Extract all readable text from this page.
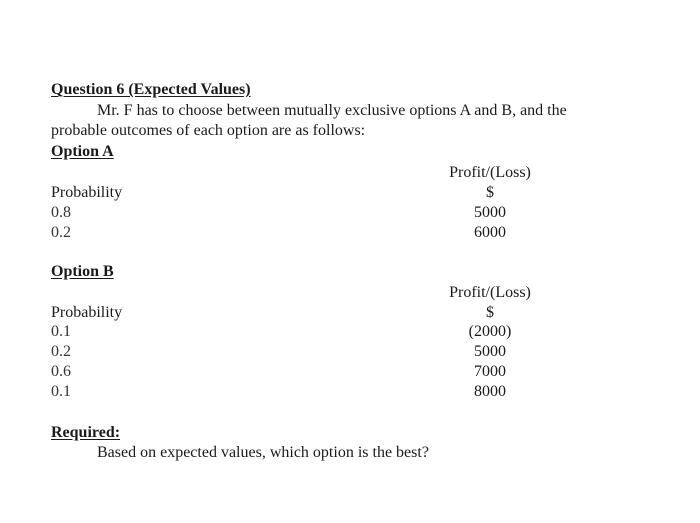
Question 6 (Expected Values)
Mr. F has to choose between mutually exclusive options A and B, and the
probable outcomes of each option are as follows:
Option A
Profit/(Loss)
Probability	$
0.8	5000
0.2	6000
Option B
Profit/(Loss)
Probability	$
0.1	(2000)
0.2	5000
0.6	7000
0.1	8000
Required:
Based on expected values, which option is the best?
